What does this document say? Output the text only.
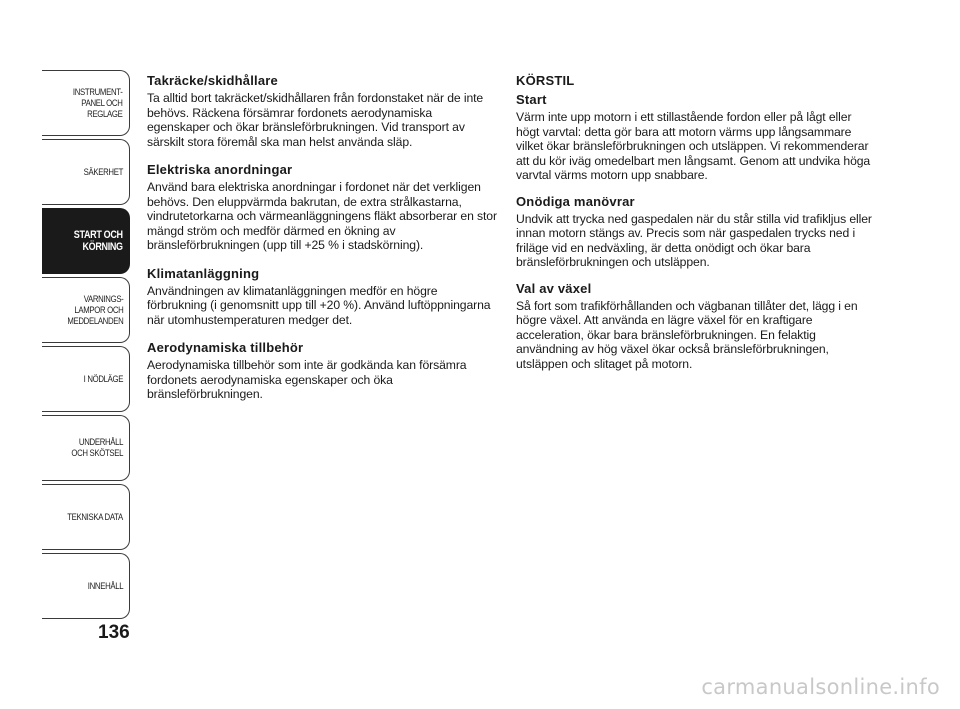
INSTRUMENT-
PANEL OCH
REGLAGE
SÄKERHET
START OCH
KÖRNING
VARNINGS-
LAMPOR OCH
MEDDELANDEN
I NÖDLÄGE
UNDERHÅLL
OCH SKÖTSEL
TEKNISKA DATA
INNEHÅLL
136
Takräcke/skidhållare

Ta alltid bort takräcket/skidhållaren från fordonstaket när de inte behövs. Räckena försämrar fordonets aerodynamiska egenskaper och ökar bränsleförbrukningen. Vid transport av särskilt stora föremål ska man helst använda släp.

Elektriska anordningar

Använd bara elektriska anordningar i fordonet när det verkligen behövs. Den eluppvärmda bakrutan, de extra strålkastarna, vindrutetorkarna och värmeanläggningens fläkt absorberar en stor mängd ström och medför därmed en ökning av bränsleförbrukningen (upp till +25 % i stadskörning).

Klimatanläggning

Användningen av klimatanläggningen medför en högre förbrukning (i genomsnitt upp till +20 %). Använd luftöppningarna när utomhustemperaturen medger det.

Aerodynamiska tillbehör

Aerodynamiska tillbehör som inte är godkända kan försämra fordonets aerodynamiska egenskaper och öka bränsleförbrukningen.

KÖRSTIL
Start

Värm inte upp motorn i ett stillastående fordon eller på lågt eller högt varvtal: detta gör bara att motorn värms upp långsammare vilket ökar bränsleförbrukningen och utsläppen. Vi rekommenderar att du kör iväg omedelbart men långsamt. Genom att undvika höga varvtal värms motorn upp snabbare.

Onödiga manövrar

Undvik att trycka ned gaspedalen när du står stilla vid trafikljus eller innan motorn stängs av. Precis som när gaspedalen trycks ned i friläge vid en nedväxling, är detta onödigt och ökar bara bränsleförbrukningen och utsläppen.

Val av växel

Så fort som trafikförhållanden och vägbanan tillåter det, lägg i en högre växel. Att använda en lägre växel för en kraftigare acceleration, ökar bara bränsleförbrukningen. En felaktig användning av hög växel ökar också bränsleförbrukningen, utsläppen och slitaget på motorn.

carmanualsonline.info
